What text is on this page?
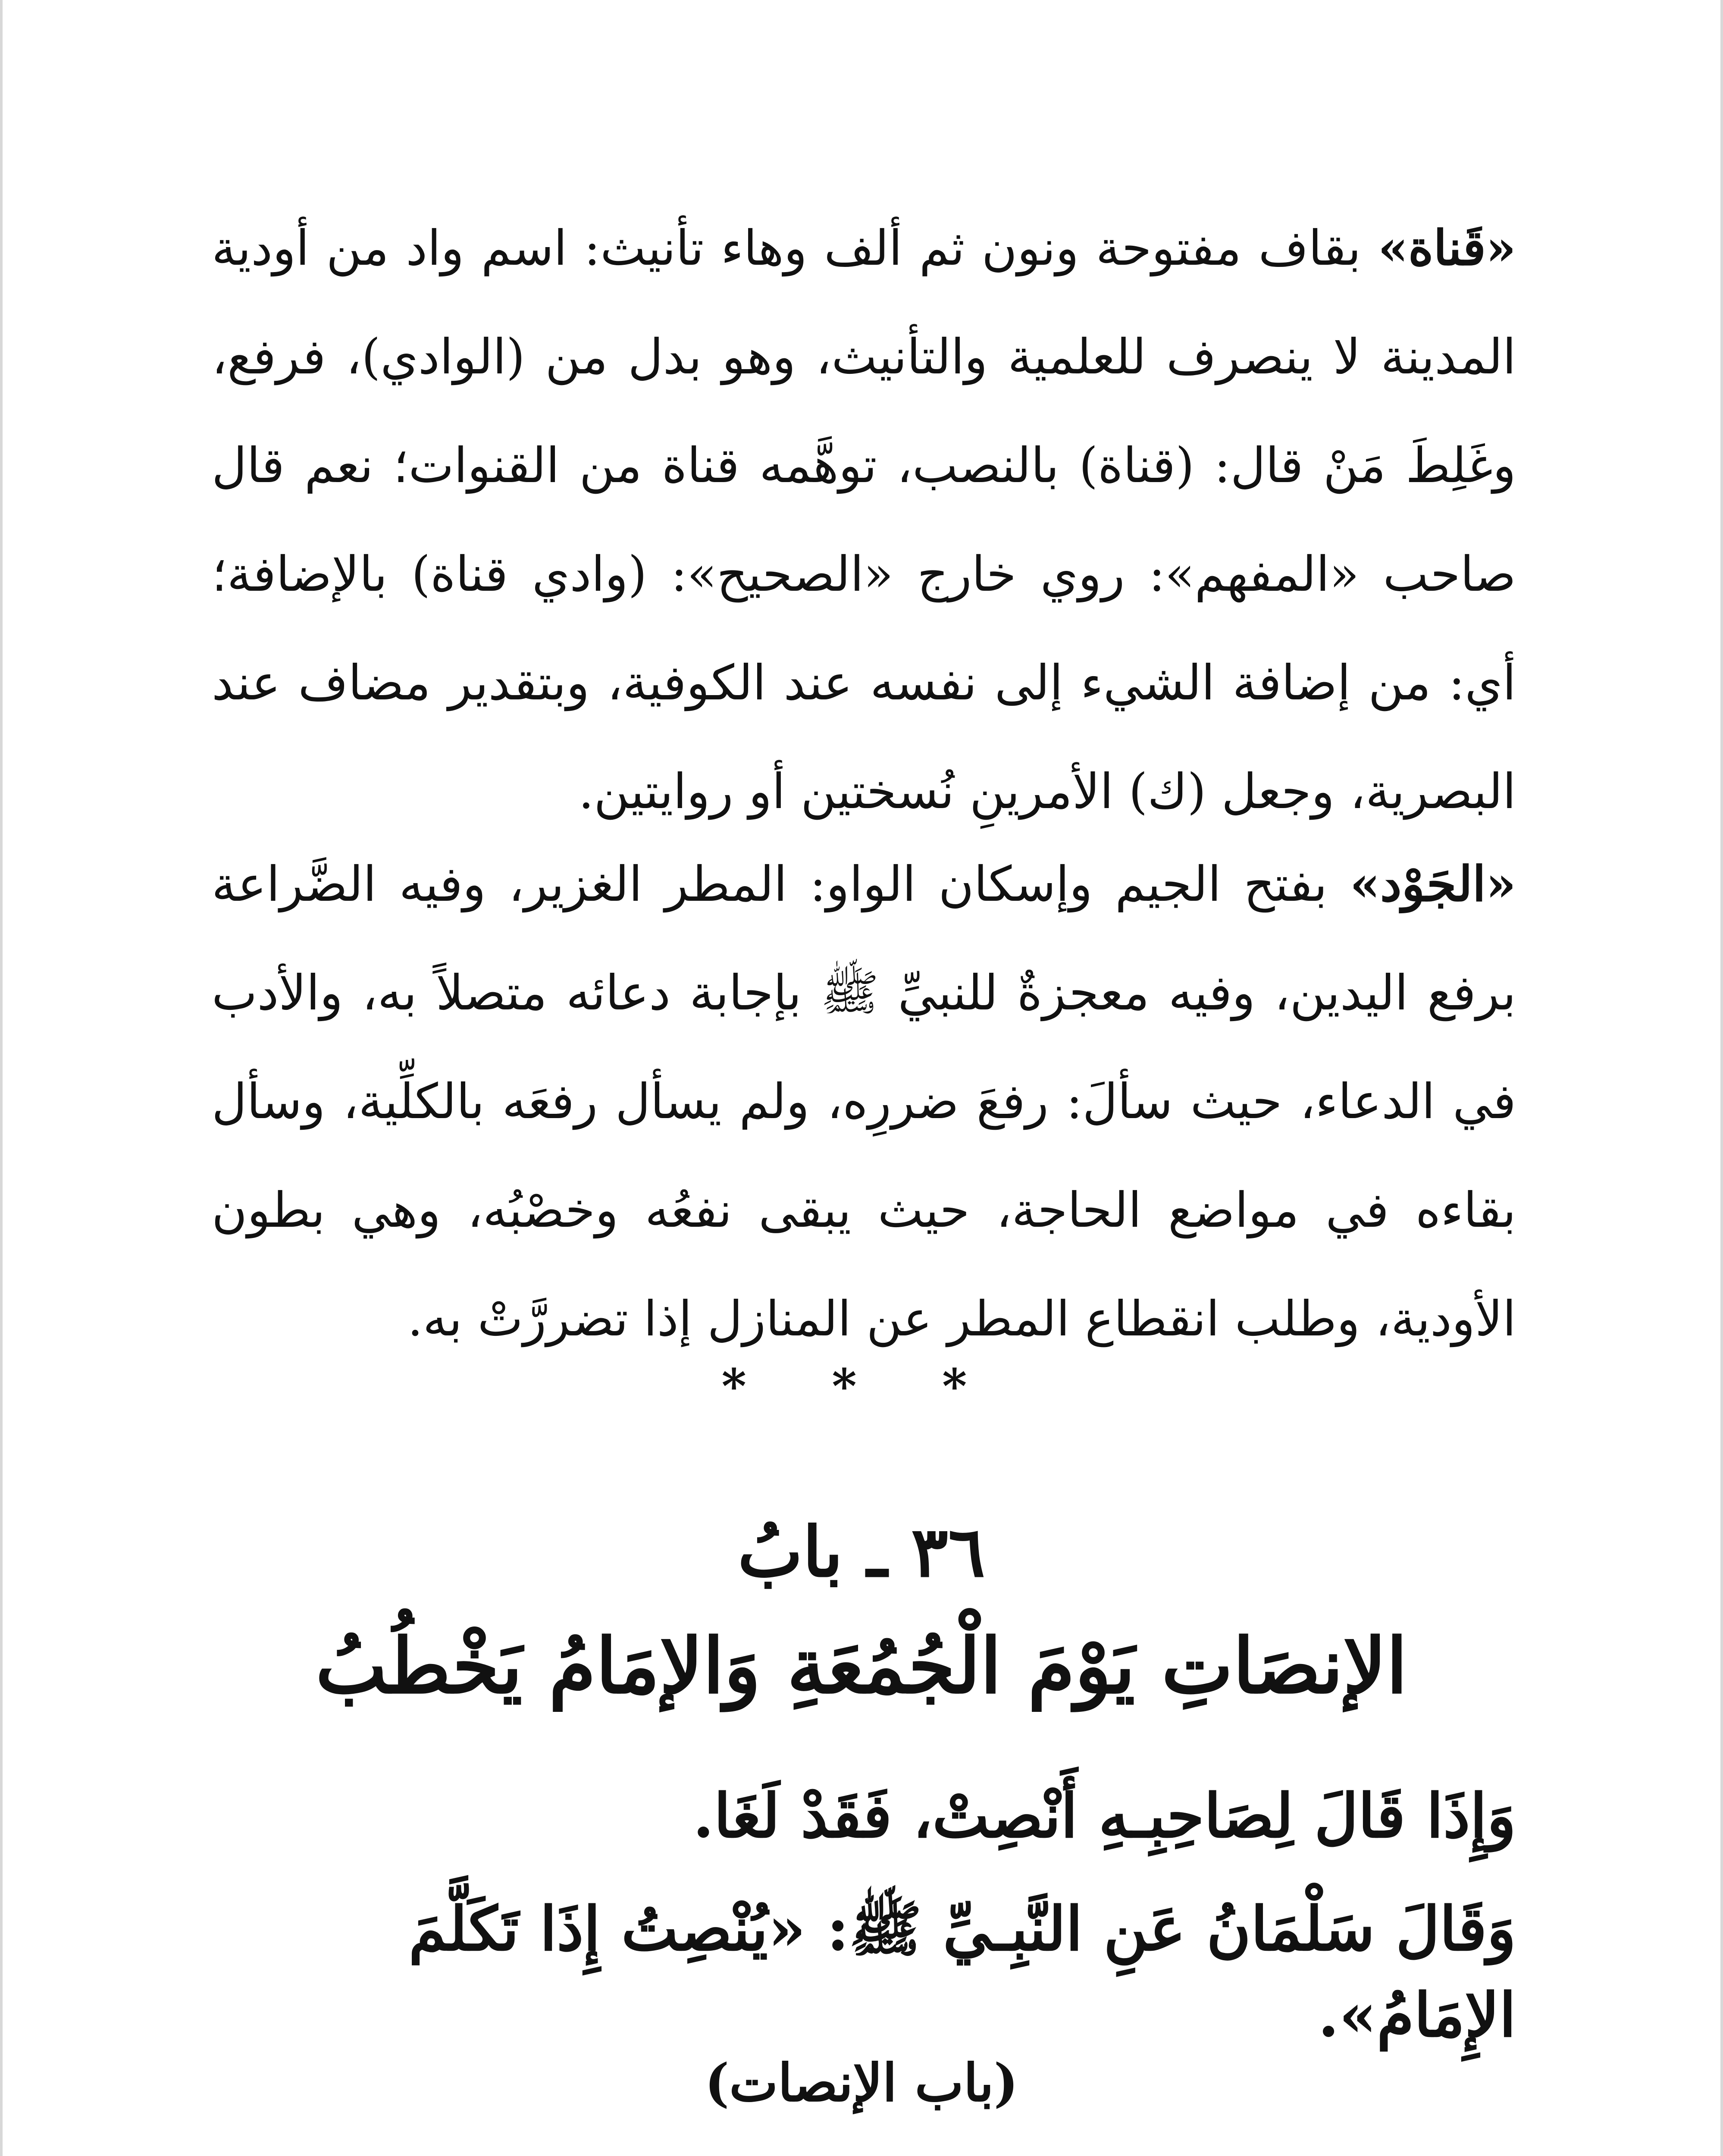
«قَناة» بقاف مفتوحة ونون ثم ألف وهاء تأنيث: اسم واد من أودية المدينة لا ينصرف للعلمية والتأنيث، وهو بدل من (الوادي)، فرفع، وغَلِطَ مَنْ قال: (قناة) بالنصب، توهَّمه قناة من القنوات؛ نعم قال صاحب «المفهم»: روي خارج «الصحيح»: (وادي قناة) بالإضافة؛ أي: من إضافة الشيء إلى نفسه عند الكوفية، وبتقدير مضاف عند البصرية، وجعل (ك) الأمرينِ نُسختين أو روايتين.

«الجَوْد» بفتح الجيم وإسكان الواو: المطر الغزير، وفيه الضَّراعة برفع اليدين، وفيه معجزةٌ للنبيِّ ﷺ بإجابة دعائه متصلاً به، والأدب في الدعاء، حيث سألَ: رفعَ ضررِه، ولم يسأل رفعَه بالكلِّية، وسأل بقاءه في مواضع الحاجة، حيث يبقى نفعُه وخصْبُه، وهي بطون الأودية، وطلب انقطاع المطر عن المنازل إذا تضررَّتْ به.

* * *
٣٦ ـ بابُ
الإنصَاتِ يَوْمَ الْجُمُعَةِ وَالإمَامُ يَخْطُبُ
وَإِذَا قَالَ لِصَاحِبِـهِ أَنْصِتْ، فَقَدْ لَغَا.
وَقَالَ سَلْمَانُ عَنِ النَّبِـيِّ ﷺ: «يُنْصِتُ إِذَا تَكَلَّمَ الإِمَامُ».
(باب الإنصات)
